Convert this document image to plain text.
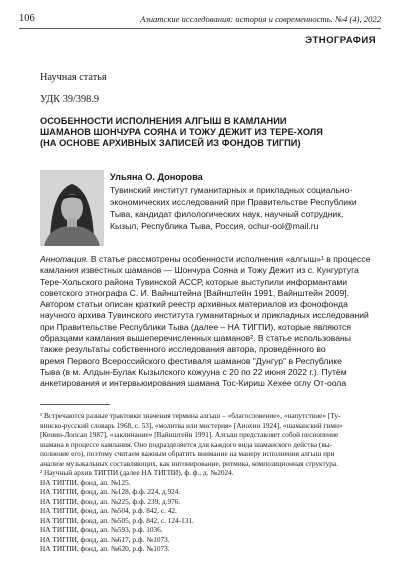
106	Азиатские исследования: история и современность. №4 (4), 2022
ЭТНОГРАФИЯ
Научная статья
УДК 39/398.9
ОСОБЕННОСТИ ИСПОЛНЕНИЯ АЛГЫШ В КАМЛАНИИ
ШАМАНОВ ШОНЧУРА СОЯНА И ТОЖУ ДЕЖИТ ИЗ ТЕРЕ-ХОЛЯ
(НА ОСНОВЕ АРХИВНЫХ ЗАПИСЕЙ ИЗ ФОНДОВ ТИГПИ)
Ульяна О. Донорова
Тувинский институт гуманитарных и прикладных социально-
экономических исследований при Правительстве Республики
Тыва, кандидат филологических наук, научный сотрудник,
Кызыл, Республика Тыва, Россия, ochur-ool@mail.ru
Аннотация. В статье рассмотрены особенности исполнения «алгыш»¹ в процессе
камлания известных шаманов — Шончура Сояна и Тожу Дежит из с. Кунгуртуга
Тере-Хольского района Тувинской АССР, которые выступили информантами
советского этнографа С. И. Вайнштейна [Вайнштейн 1991, Вайнштейн 2009].
Автором статьи описан краткий реестр архивных материалов из фонофонда
научного архива Тувинского института гуманитарных и прикладных исследований
при Правительстве Республики Тыва (далее – НА ТИГПИ), которые являются
образцами камлания вышеперечисленных шаманов². В статье использованы
также результаты собственного исследования автора, проведённого во
время Первого Всероссийского фестиваля шаманов "Дунгур" в Республике
Тыва (в м. Алдын-Булак Кызылского кожууна с 20 по 22 июня 2022 г.). Путём
анкетирования и интервьюирования шамана Тос-Кириш Хеxее оглу От-оола
¹ Встречаются разные трактовки значения термина алгыш – «благословение», «напутствие» [Ту-
винско-русский словарь 1968, с. 53], «молитва или мистерия» [Анохин 1924], «шаманский гимн»
[Кенин-Лопсан 1987], «заклинание» [Вайнштейн 1991]. Алгыш представляет собой песнопение
шамана в процессе камлания. Оно подразделяется для каждого вида шаманского действа (вы-
полнение его), поэтому считаем важным обратить внимание на манеру исполнения алгыш при
анализе музыкальных составляющих, как интонирование, ритмика, композиционная структура.
² Научный архив ТИГПИ (далее НА ТИГПИ), ф. ф., д. №2024.
НА ТИГПИ, фонд, ап. №125.
НА ТИГПИ, фонд, ап. №128, ф.ф. 224, д.924.
НА ТИГПИ, фонд, ап. №225, ф.ф. 239, д.976.
НА ТИГПИ, фонд, ап. №504, р.ф. 842, с. 42.
НА ТИГПИ, фонд, ап. №505, р.ф. 842, с. 124-131.
НА ТИГПИ, фонд, ап. №593, р.ф. 1036.
НА ТИГПИ, фонд, ап. №617, р.ф. №1073.
НА ТИГПИ, фонд, ап. №620, р.ф. №1073.
